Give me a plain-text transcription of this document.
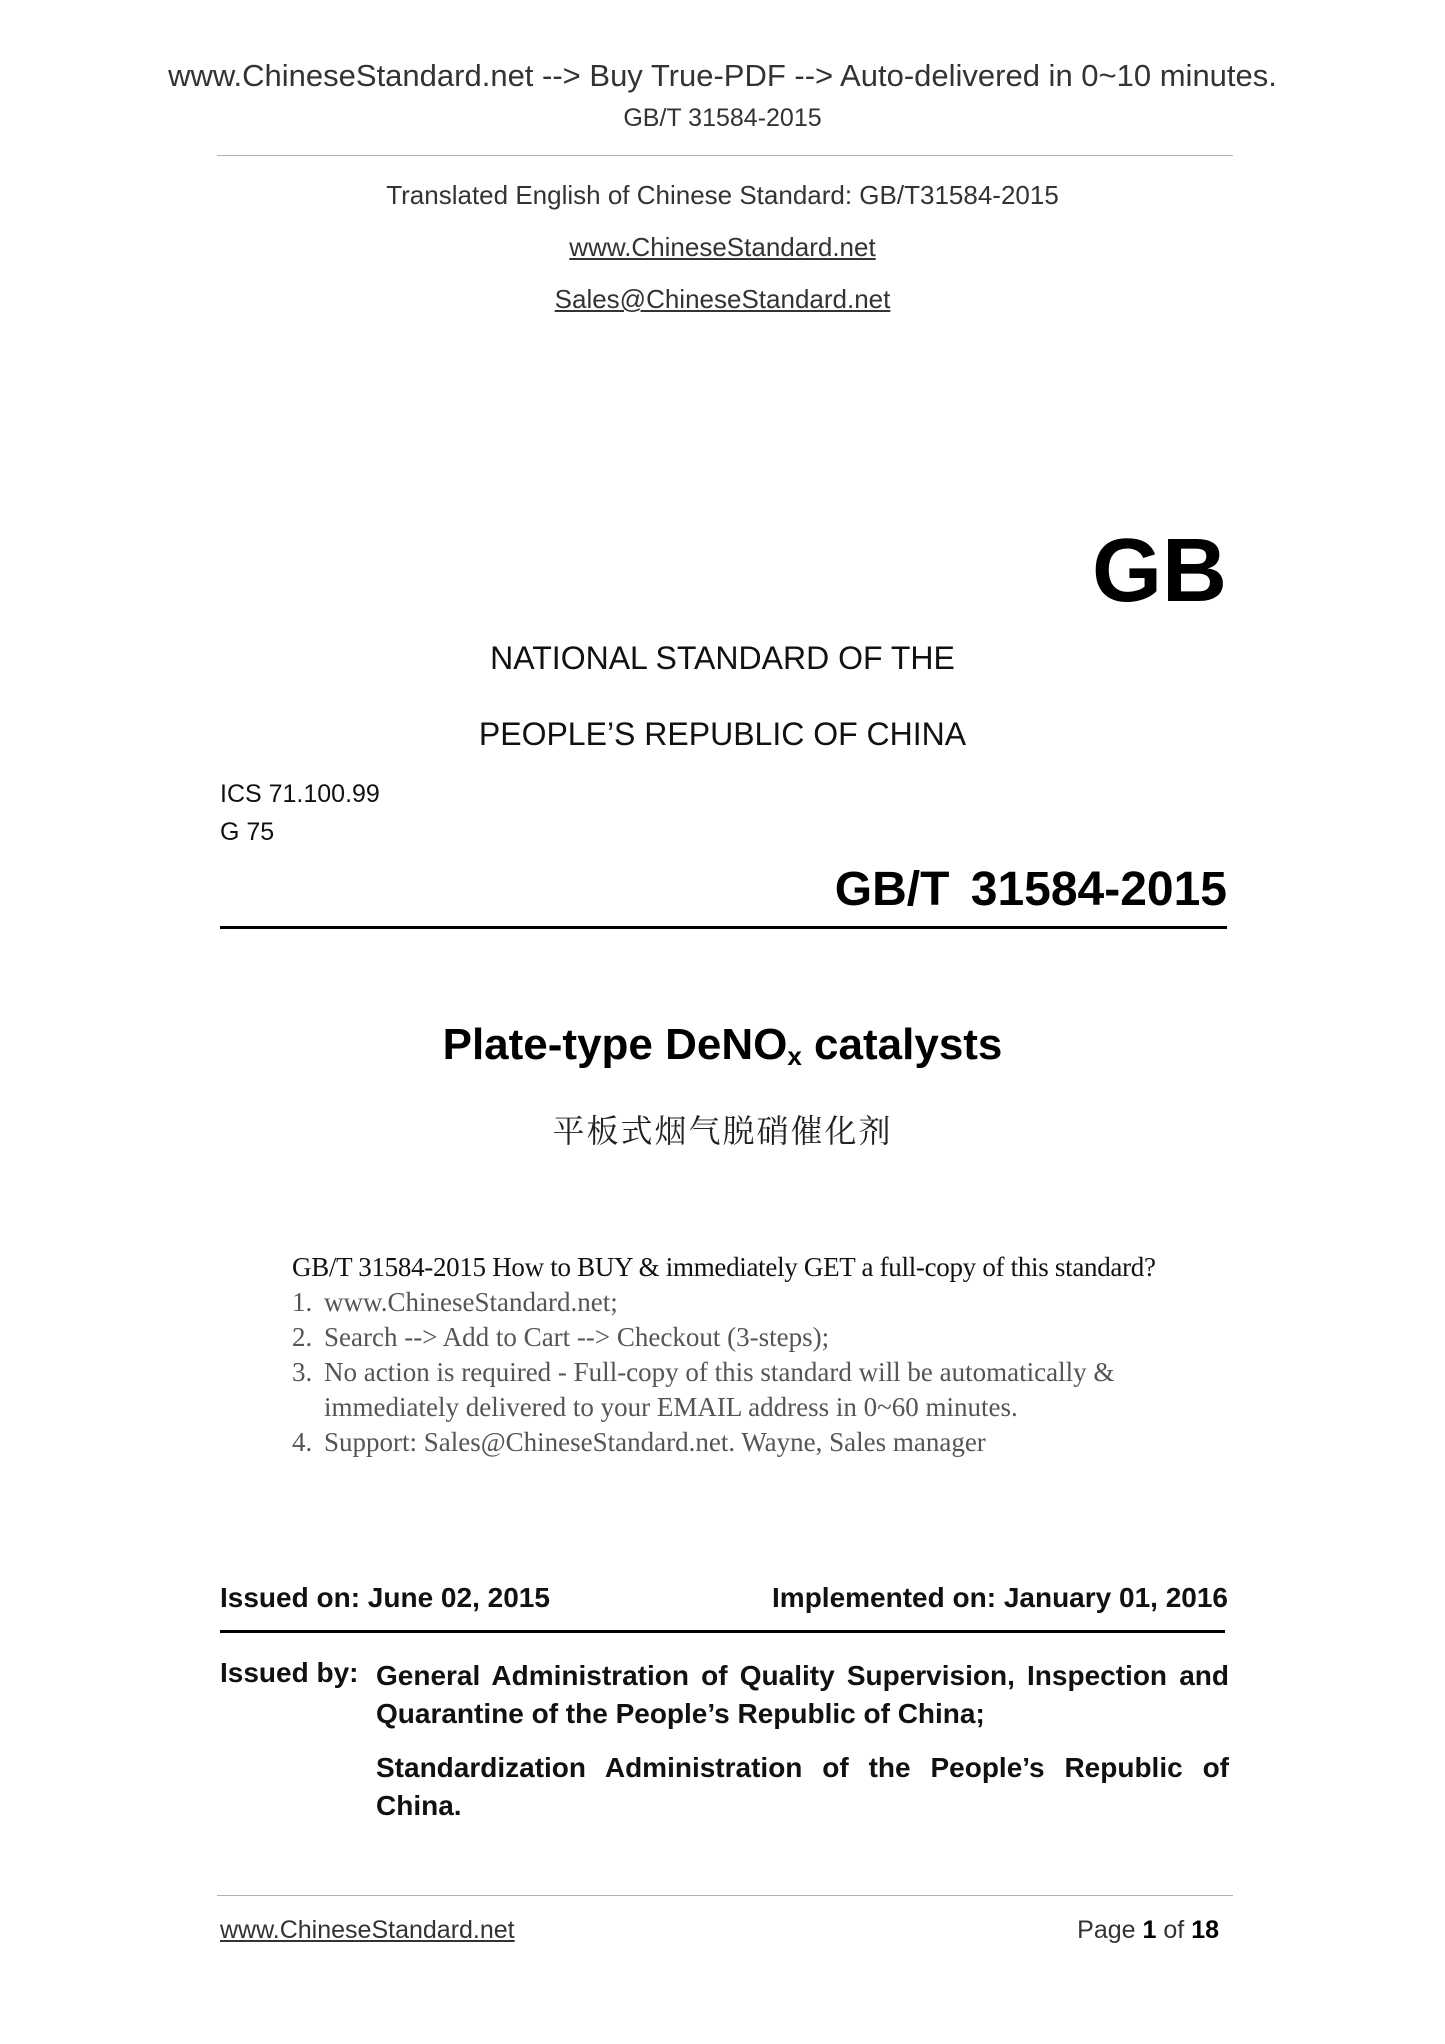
www.ChineseStandard.net --> Buy True-PDF --> Auto-delivered in 0~10 minutes.
GB/T 31584-2015
Translated English of Chinese Standard: GB/T31584-2015
www.ChineseStandard.net
Sales@ChineseStandard.net
GB
NATIONAL STANDARD OF THE
PEOPLE’S REPUBLIC OF CHINA
ICS 71.100.99
G 75
GB/T 31584-2015
Plate-type DeNO$_x$ catalysts
平板式烟气脱硝催化剂
GB/T 31584-2015 How to BUY & immediately GET a full-copy of this standard?
1. www.ChineseStandard.net;
2. Search --> Add to Cart --> Checkout (3-steps);
3. No action is required - Full-copy of this standard will be automatically & immediately delivered to your EMAIL address in 0~60 minutes.
4. Support: Sales@ChineseStandard.net. Wayne, Sales manager
Issued on: June 02, 2015	Implemented on: January 01, 2016
Issued by: General Administration of Quality Supervision, Inspection and Quarantine of the People’s Republic of China;
Standardization Administration of the People’s Republic of China.
www.ChineseStandard.net	Page 1 of 18
